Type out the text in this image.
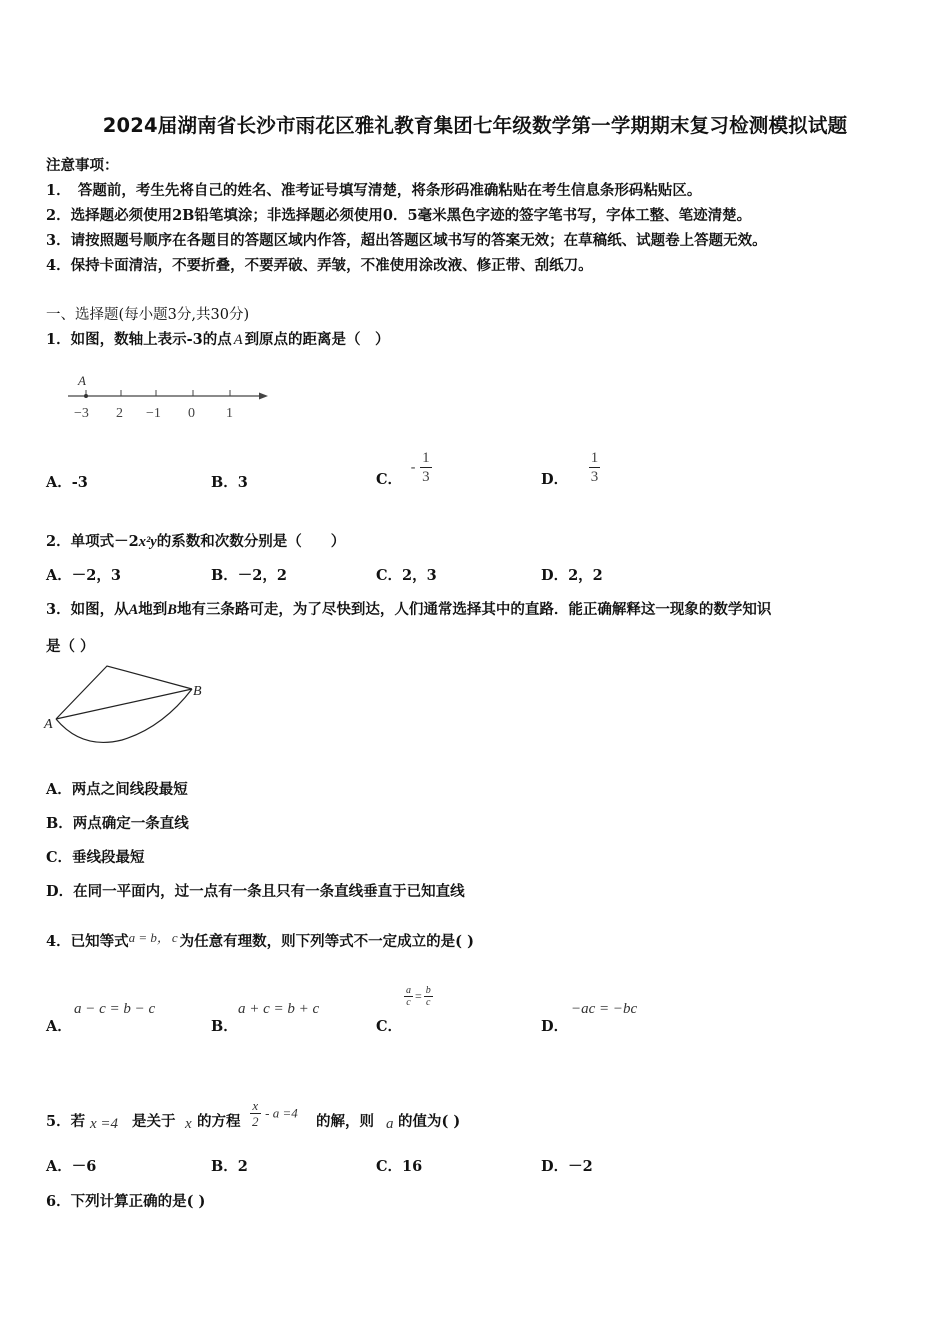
2024届湖南省长沙市雨花区雅礼教育集团七年级数学第一学期期末复习检测模拟试题
注意事项：
1．　答题前，考生先将自己的姓名、准考证号填写清楚，将条形码准确粘贴在考生信息条形码粘贴区。
2．选择题必须使用2B铅笔填涂；非选择题必须使用0．5毫米黑色字迹的签字笔书写，字体工整、笔迹清楚。
3．请按照题号顺序在各题目的答题区域内作答，超出答题区域书写的答案无效；在草稿纸、试题卷上答题无效。
4．保持卡面清洁，不要折叠，不要弄破、弄皱，不准使用涂改液、修正带、刮纸刀。
一、选择题(每小题3分,共30分)
1．如图，数轴上表示-3的点 A 到原点的距离是（　）
A
−3 2 −1 0 1
A．-3	B．3	C． - $\frac{1}{3}$	D． $\frac{1}{3}$
2．单项式－2x²y的系数和次数分别是（　　）
A．－2，3	B．－2，2	C．2，3	D．2，2
3．如图，从A地到B地有三条路可走，为了尽快到达，人们通常选择其中的直路．能正确解释这一现象的数学知识
是（ ）
A
B
A．两点之间线段最短
B．两点确定一条直线
C．垂线段最短
D．在同一平面内，过一点有一条且只有一条直线垂直于已知直线
4．已知等式a = b， c 为任意有理数，则下列等式不一定成立的是( )
A．
a − c = b − c
B．
a + c = b + c
C．
$\frac{a}{c} = \frac{b}{c}$
D．
−ac = −bc
5．若 x =4 是关于 x 的方程 $\frac{x}{2} - a =4$ 的解，则 a 的值为( )
A．－6	B．2	C．16	D．－2
6．下列计算正确的是( )
